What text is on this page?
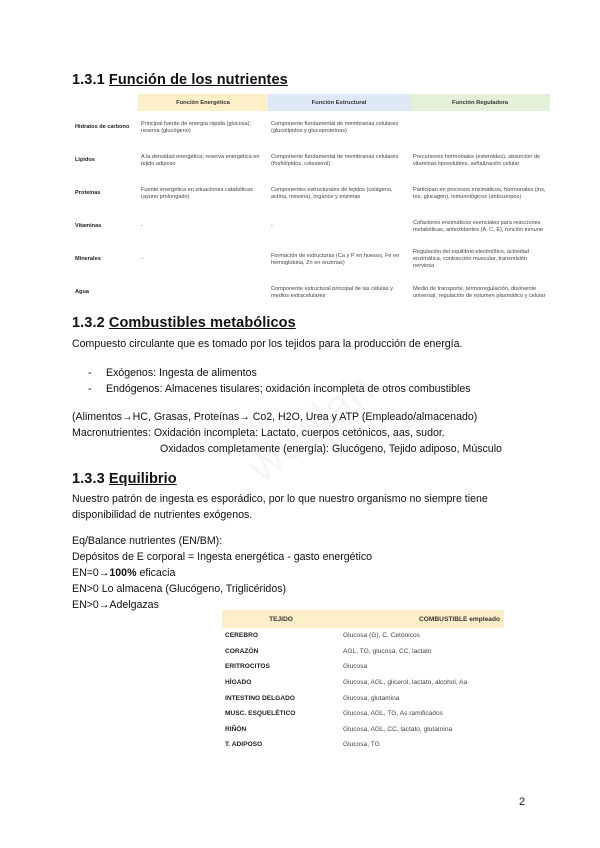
1.3.1 Función de los nutrientes
	Función Energética	Función Estructural	Función Reguladora
Hidratos de carbono	Principal fuente de energía rápida (glucosa); reserva (glucógeno)	Componente fundamental de membranas celulares (glucolípidos y glucoproteínas)	
Lípidos	A la densidad energética; reserva energética en tejido adiposo	Componente fundamental de membranas celulares (fosfolípidos, colesterol)	Precursores hormonales (esteroides), absorción de vitaminas liposolubles, señalización celular
Proteínas	Fuente energética en situaciones catabólicas (ayuno prolongado)	Componentes estructurales de tejidos (colágeno, actina, miosina), órganos y enzimas	Participan en procesos enzimáticos, hormonales (ins, Ins, glucagón), inmunológicos (anticuerpos)
Vitaminas	-	-	Cofactores enzimáticos esenciales para reacciones metabólicas, antioxidantes (A, C, E), función inmune
Minerales	-	Formación de estructuras (Ca y P en huesos, Fe en hemoglobina, Zn en enzimas)	Regulación del equilibrio electrolítico, actividad enzimática, contracción muscular, transmisión nerviosa
Agua		Componente estructural principal de las células y medios extracelulares	Medio de transporte, termorregulación, disolvente universal, regulación de volumen plasmático y celular
1.3.2 Combustibles metabólicos

Compuesto circulante que es tomado por los tejidos para la producción de energía.

- Exógenos: Ingesta de alimentos
- Endógenos: Almacenes tisulares; oxidación incompleta de otros combustibles

(Alimentos→HC, Grasas, Proteínas→ Co2, H2O, Urea y ATP (Empleado/almacenado)
Macronutrientes: Oxidación incompleta: Lactato, cuerpos cetónicos, aas, sudor.
Oxidados completamente (energía): Glucógeno, Tejido adiposo, Músculo

1.3.3 Equilibrio

Nuestro patrón de ingesta es esporádico, por lo que nuestro organismo no siempre tiene disponibilidad de nutrientes exógenos.

Eq/Balance nutrientes (EN/BM):
Depósitos de E corporal = Ingesta energética - gasto energético
EN=0→100% eficacia
EN>0 Lo almacena (Glucógeno, Triglicéridos)
EN>0→Adelgazas

TEJIDO	COMBUSTIBLE empleado
CEREBRO	Glucosa (G), C. Cetónicos
CORAZÓN	AGL, TG, glucosa, CC, lactato
ERITROCITOS	Glucosa
HÍGADO	Glucosa, AGL, glicerol, lactato, alcohol, Aa
INTESTINO DELGADO	Glucosa, glutamina
MUSC. ESQUELÉTICO	Glucosa, AGL, TG, As ramificados
RIÑÓN	Glucosa, AGL, CC, lactato, glutamina
T. ADIPOSO	Glucosa, TG
2
